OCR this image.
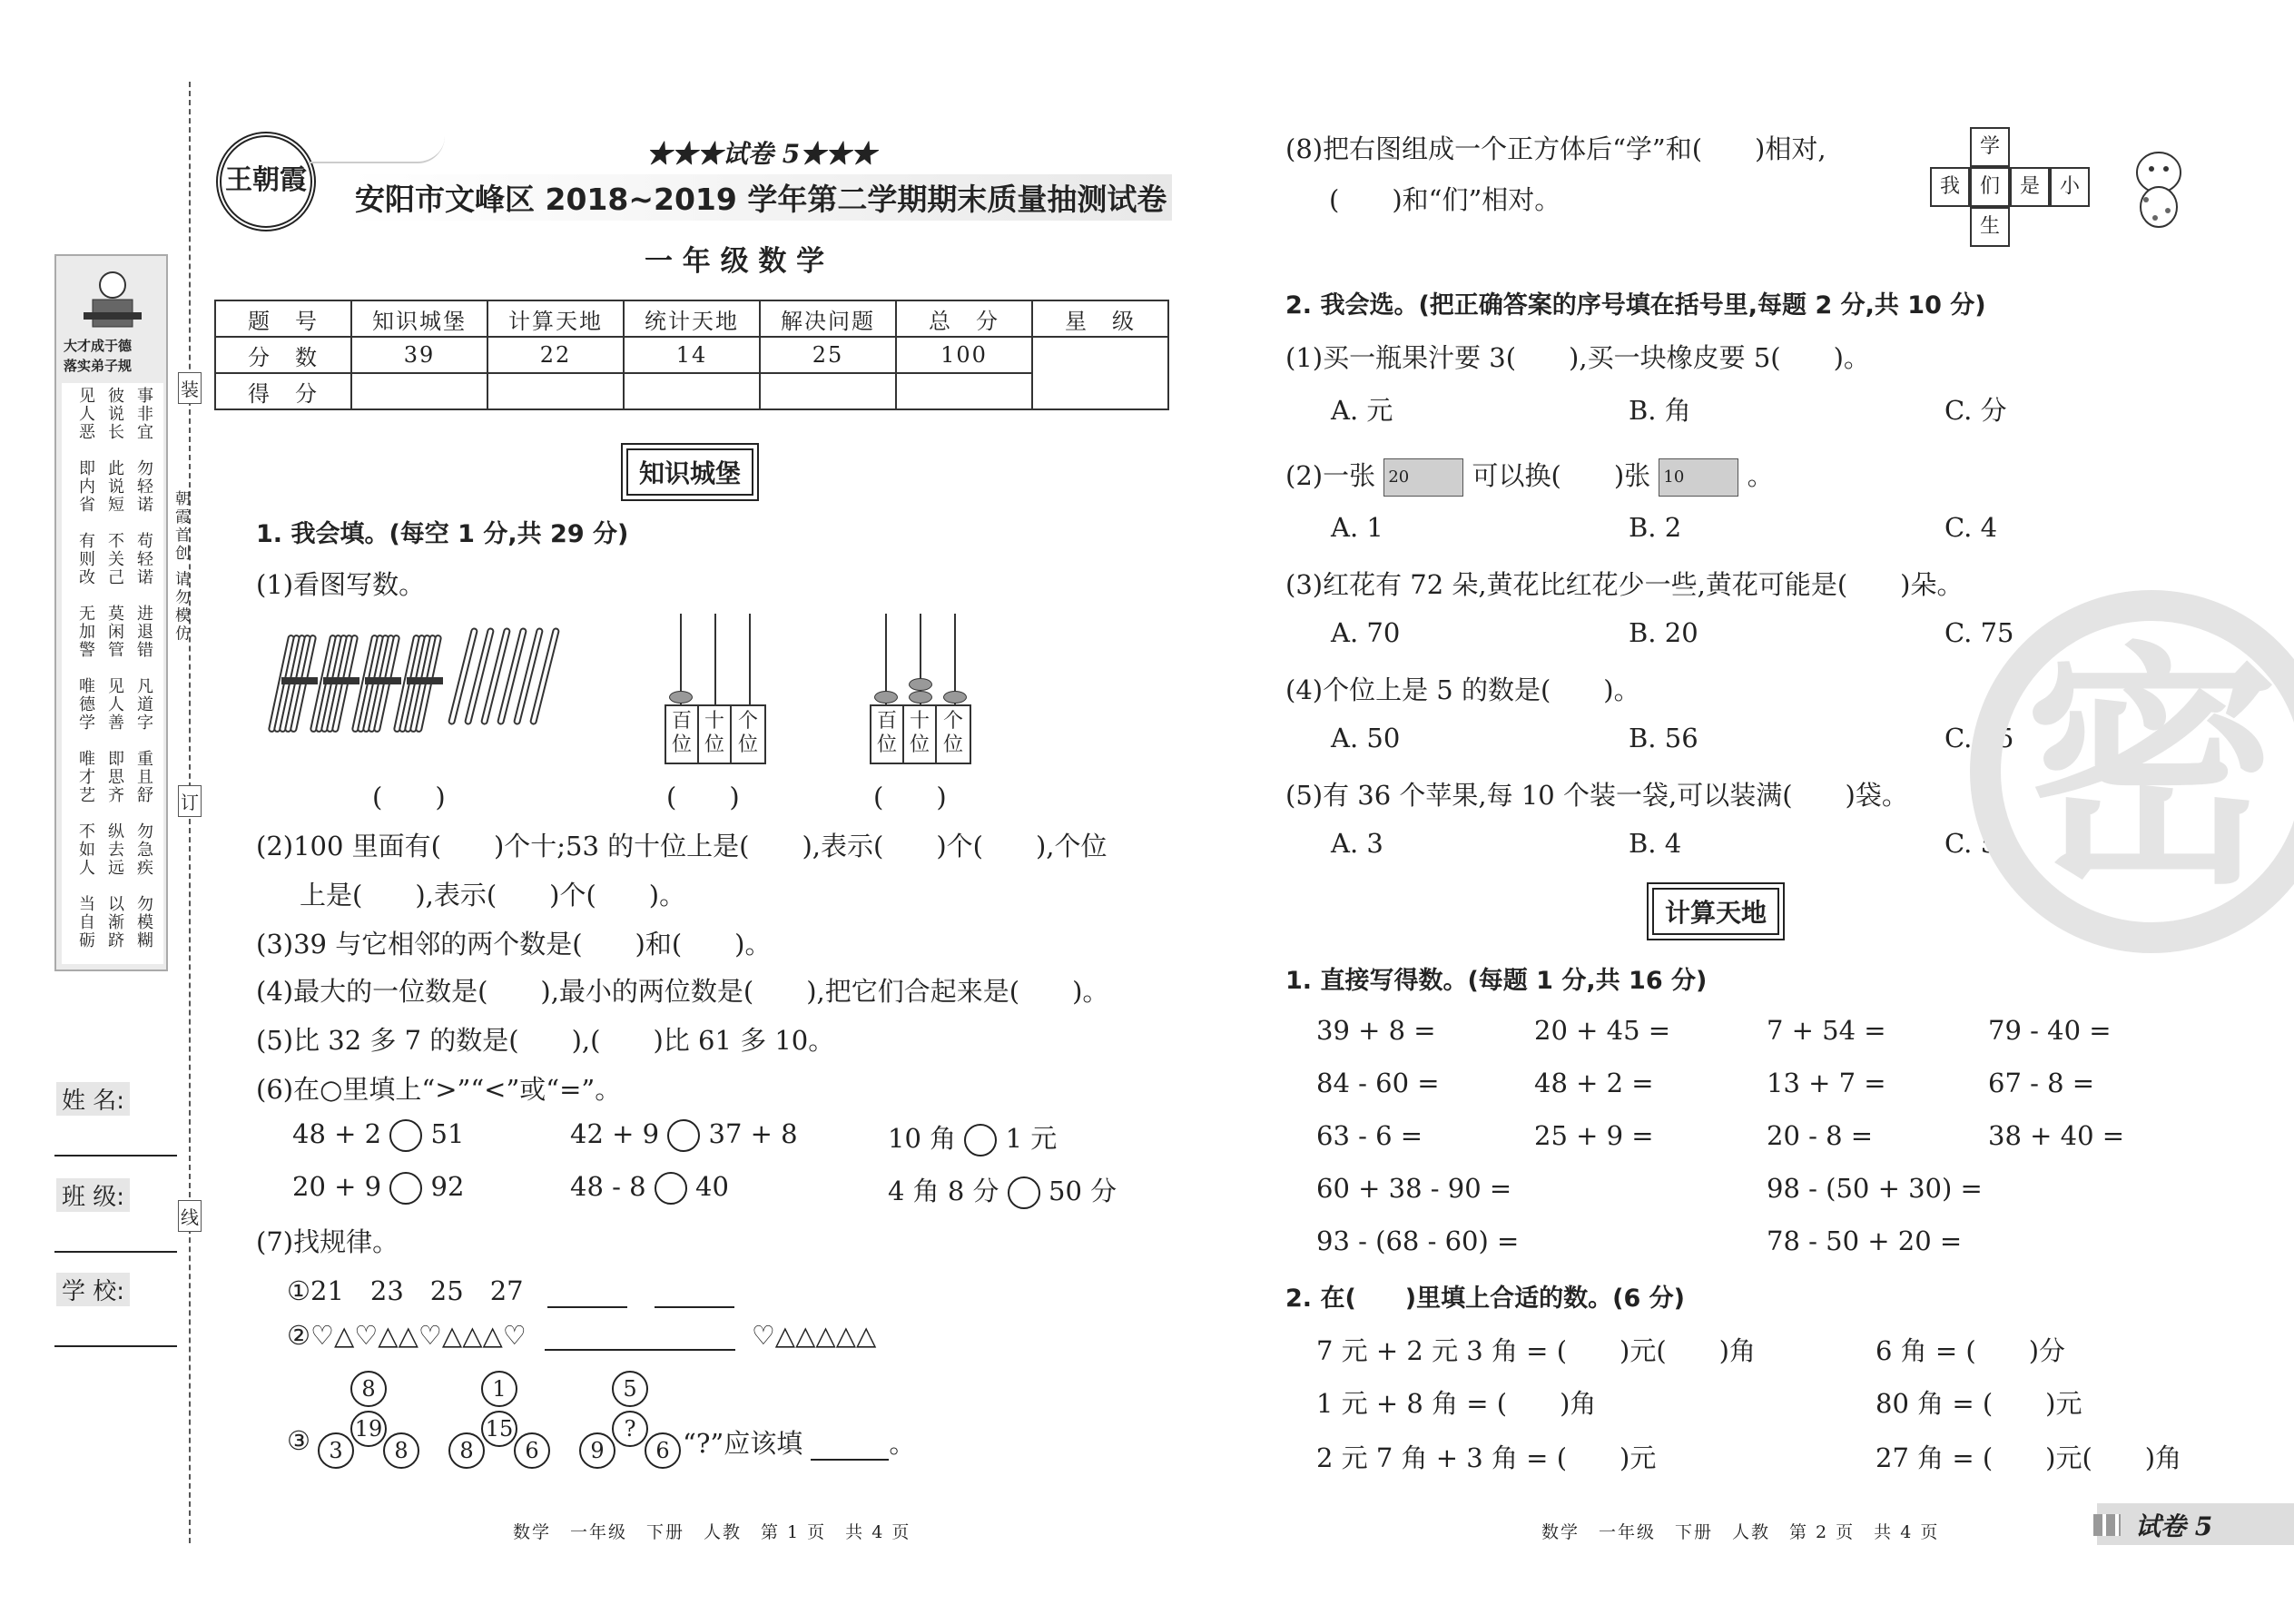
装
订
线
朝霞首创 请勿模仿
大才成于德
落实弟子规
见人恶 彼说长 事非宜
即内省 此说短 勿轻诺
有则改 不关己 苟轻诺
无加警 莫闲管 进退错
唯德学 见人善 凡道字
唯才艺 即思齐 重且舒
不如人 纵去远 勿急疾
当自砺 以渐跻 勿模糊
姓 名:
班 级:
学 校:
王朝霞
★★★试卷 5★★★
安阳市文峰区 2018~2019 学年第二学期期末质量抽测试卷
一 年 级 数 学
题　号	知识城堡	计算天地	统计天地	解决问题	总　分	星　级
分　数	39	22	14	25	100	
得　分						
知识城堡
1. 我会填。(每空 1 分,共 29 分)
(1)看图写数。
百位
十位
个位
百位
十位
个位
(　　)	(　　)	(　　)
(2)100 里面有(　　)个十;53 的十位上是(　　),表示(　　)个(　　),个位
上是(　　),表示(　　)个(　　)。
(3)39 与它相邻的两个数是(　　)和(　　)。
(4)最大的一位数是(　　),最小的两位数是(　　),把它们合起来是(　　)。
(5)比 32 多 7 的数是(　　),(　　)比 61 多 10。
(6)在○里填上“>”“<”或“=”。
48 + 2 51	42 + 9 37 + 8	10 角 1 元
20 + 9 92	48 - 8 40	4 角 8 分 50 分
(7)找规律。
①21　23　25　27
②♡△♡△△♡△△△♡	♡△△△△△
③
8
19
3	8
1
15
8	6
5
?
9	6 “?”应该填	。
数学　一年级　下册　人教　第 1 页　共 4 页
(8)把右图组成一个正方体后“学”和(　　)相对,
(　　)和“们”相对。
学
我 们 是 小
生
2. 我会选。(把正确答案的序号填在括号里,每题 2 分,共 10 分)
(1)买一瓶果汁要 3(　　),买一块橡皮要 5(　　)。
A. 元	B. 角	C. 分
(2)一张 20 可以换(　　)张 10 。
A. 1	B. 2	C. 4
(3)红花有 72 朵,黄花比红花少一些,黄花可能是(　　)朵。
A. 70	B. 20	C. 75
(4)个位上是 5 的数是(　　)。
A. 50	B. 56	C. 75
(5)有 36 个苹果,每 10 个装一袋,可以装满(　　)袋。
A. 3	B. 4	C. 5 密
计算天地
1. 直接写得数。(每题 1 分,共 16 分)
39 + 8 =	20 + 45 =	7 + 54 =	79 - 40 =
84 - 60 =	48 + 2 =	13 + 7 =	67 - 8 =
63 - 6 =	25 + 9 =	20 - 8 =	38 + 40 =
60 + 38 - 90 =	98 - (50 + 30) =
93 - (68 - 60) =	78 - 50 + 20 =
2. 在(　　)里填上合适的数。(6 分)
7 元 + 2 元 3 角 = (　　)元(　　)角	6 角 = (　　)分
1 元 + 8 角 = (　　)角	80 角 = (　　)元
2 元 7 角 + 3 角 = (　　)元	27 角 = (　　)元(　　)角
数学　一年级　下册　人教　第 2 页　共 4 页	试卷 5
